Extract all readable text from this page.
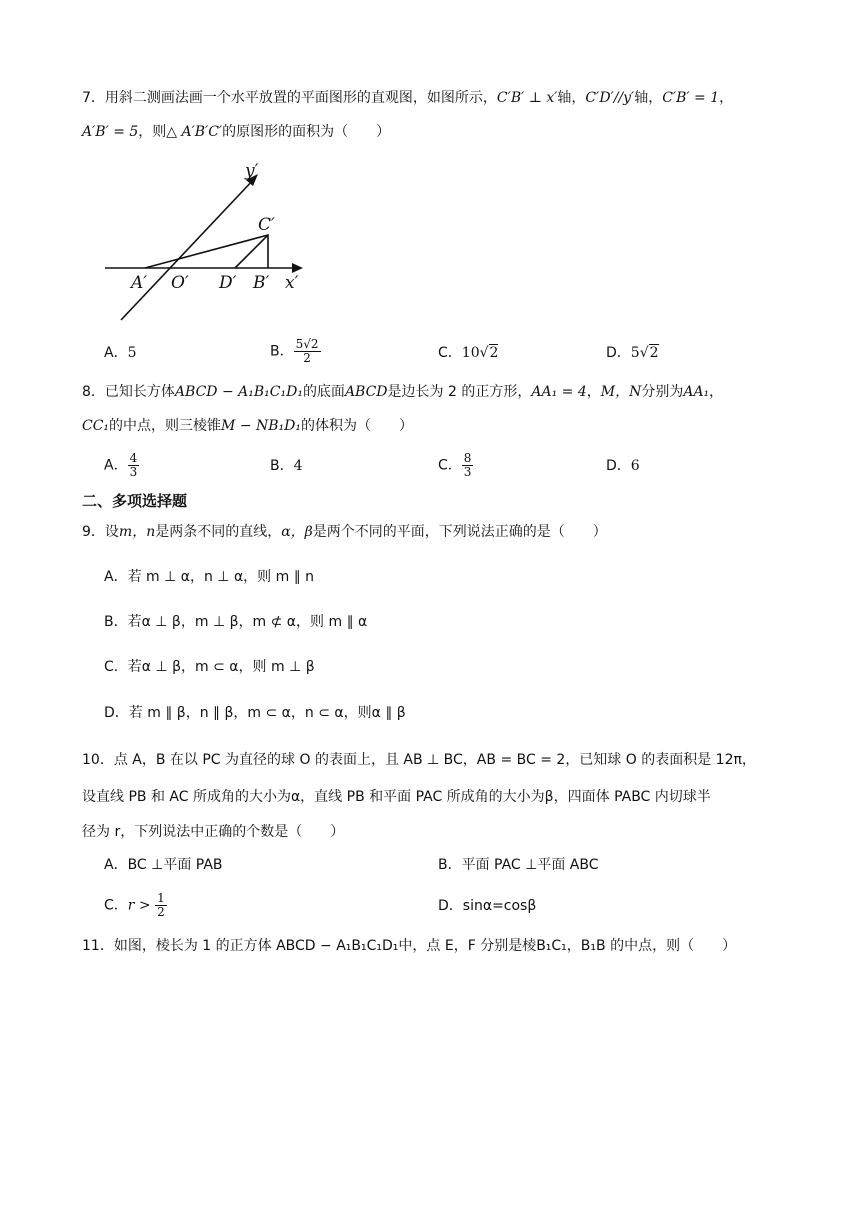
7．用斜二测画法画一个水平放置的平面图形的直观图，如图所示，C′B′ ⊥ x′轴，C′D′//y′轴，C′B′ = 1，
A′B′ = 5，则△ A′B′C′的原图形的面积为（　　）
y′
C′
A′ O′ D′ B′ x′
A．5	B． $\frac{5√2}{2}$	C．10√2	D．5√2
8．已知长方体ABCD − A₁B₁C₁D₁的底面ABCD是边长为 2 的正方形，AA₁ = 4，M，N分别为AA₁，
CC₁的中点，则三棱锥M − NB₁D₁的体积为（　　）
A． $\frac{4}{3}$	B．4	C． $\frac{8}{3}$	D．6
二、多项选择题
9．设m，n是两条不同的直线，α，β是两个不同的平面，下列说法正确的是（　　）
A．若 m ⊥ α，n ⊥ α，则 m ∥ n
B．若α ⊥ β，m ⊥ β，m ⊄ α，则 m ∥ α
C．若α ⊥ β，m ⊂ α，则 m ⊥ β
D．若 m ∥ β，n ∥ β，m ⊂ α，n ⊂ α，则α ∥ β
10．点 A，B 在以 PC 为直径的球 O 的表面上，且 AB ⊥ BC，AB = BC = 2，已知球 O 的表面积是 12π，
设直线 PB 和 AC 所成角的大小为α，直线 PB 和平面 PAC 所成角的大小为β，四面体 PABC 内切球半
径为 r，下列说法中正确的个数是（　　）
A．BC ⊥平面 PAB	B．平面 PAC ⊥平面 ABC
C．$r > \frac{1}{2}$	D．sinα=cosβ
11．如图，棱长为 1 的正方体 ABCD − A₁B₁C₁D₁中，点 E，F 分别是棱B₁C₁，B₁B 的中点，则（　　）
